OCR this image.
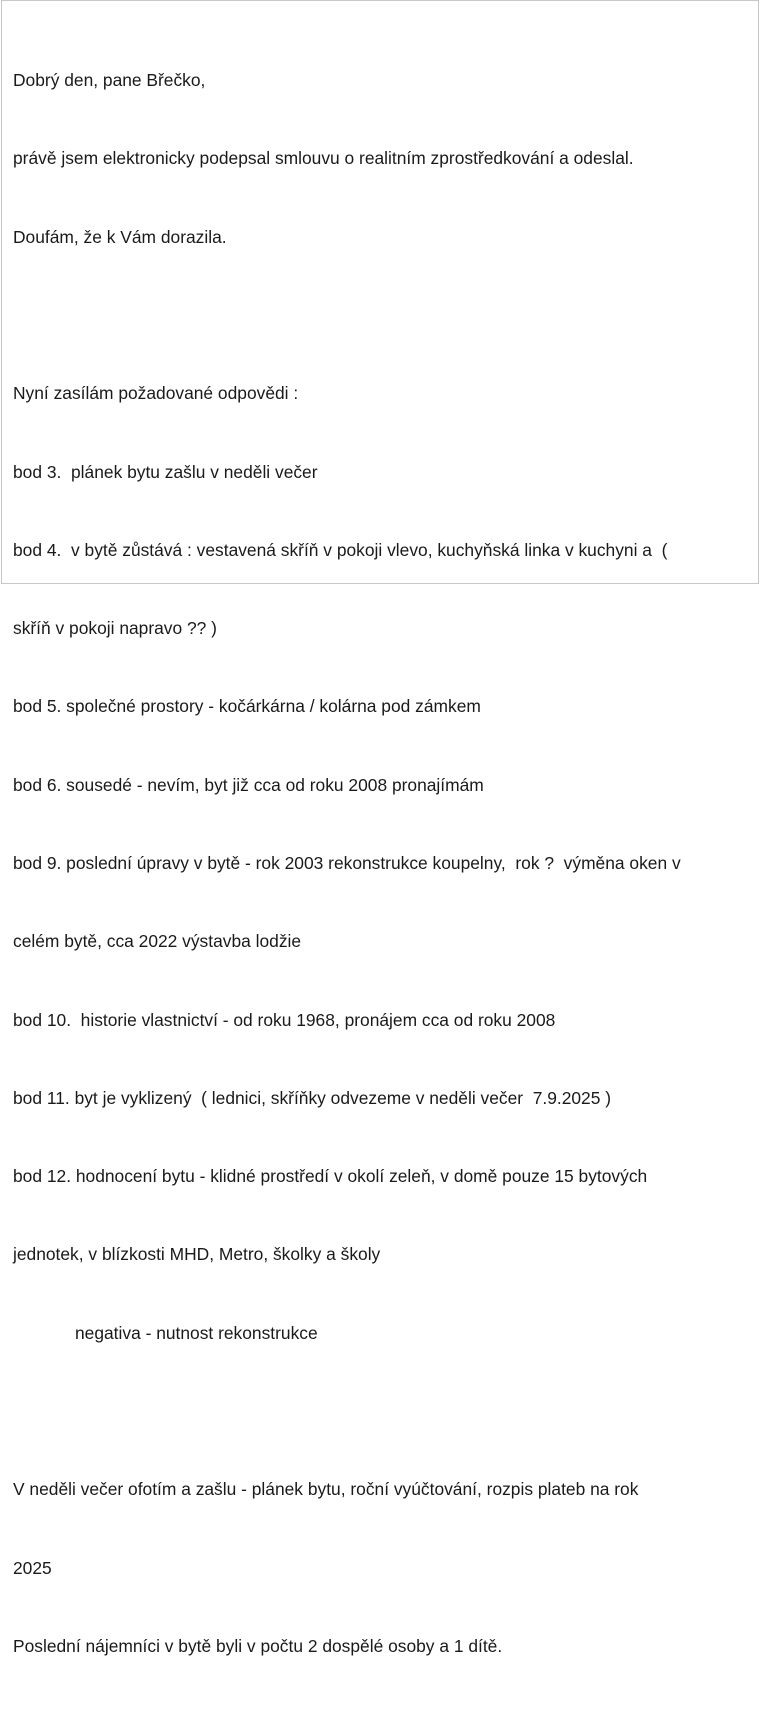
Dobrý den, pane Břečko,

právě jsem elektronicky podepsal smlouvu o realitním zprostředkování a odeslal.

Doufám, že k Vám dorazila.

Nyní zasílám požadované odpovědi :

bod 3.  plánek bytu zašlu v neděli večer

bod 4.  v bytě zůstává : vestavená skříň v pokoji vlevo, kuchyňská linka v kuchyni a  (

skříň v pokoji napravo ?? )

bod 5. společné prostory - kočárkárna / kolárna pod zámkem

bod 6. sousedé - nevím, byt již cca od roku 2008 pronajímám

bod 9. poslední úpravy v bytě - rok 2003 rekonstrukce koupelny,  rok ?  výměna oken v

celém bytě, cca 2022 výstavba lodžie

bod 10.  historie vlastnictví - od roku 1968, pronájem cca od roku 2008

bod 11. byt je vyklizený  ( lednici, skříňky odvezeme v neděli večer  7.9.2025 )

bod 12. hodnocení bytu - klidné prostředí v okolí zeleň, v domě pouze 15 bytových

jednotek, v blízkosti MHD, Metro, školky a školy

negativa - nutnost rekonstrukce

V neděli večer ofotím a zašlu - plánek bytu, roční vyúčtování, rozpis plateb na rok

2025

Poslední nájemníci v bytě byli v počtu 2 dospělé osoby a 1 dítě.
